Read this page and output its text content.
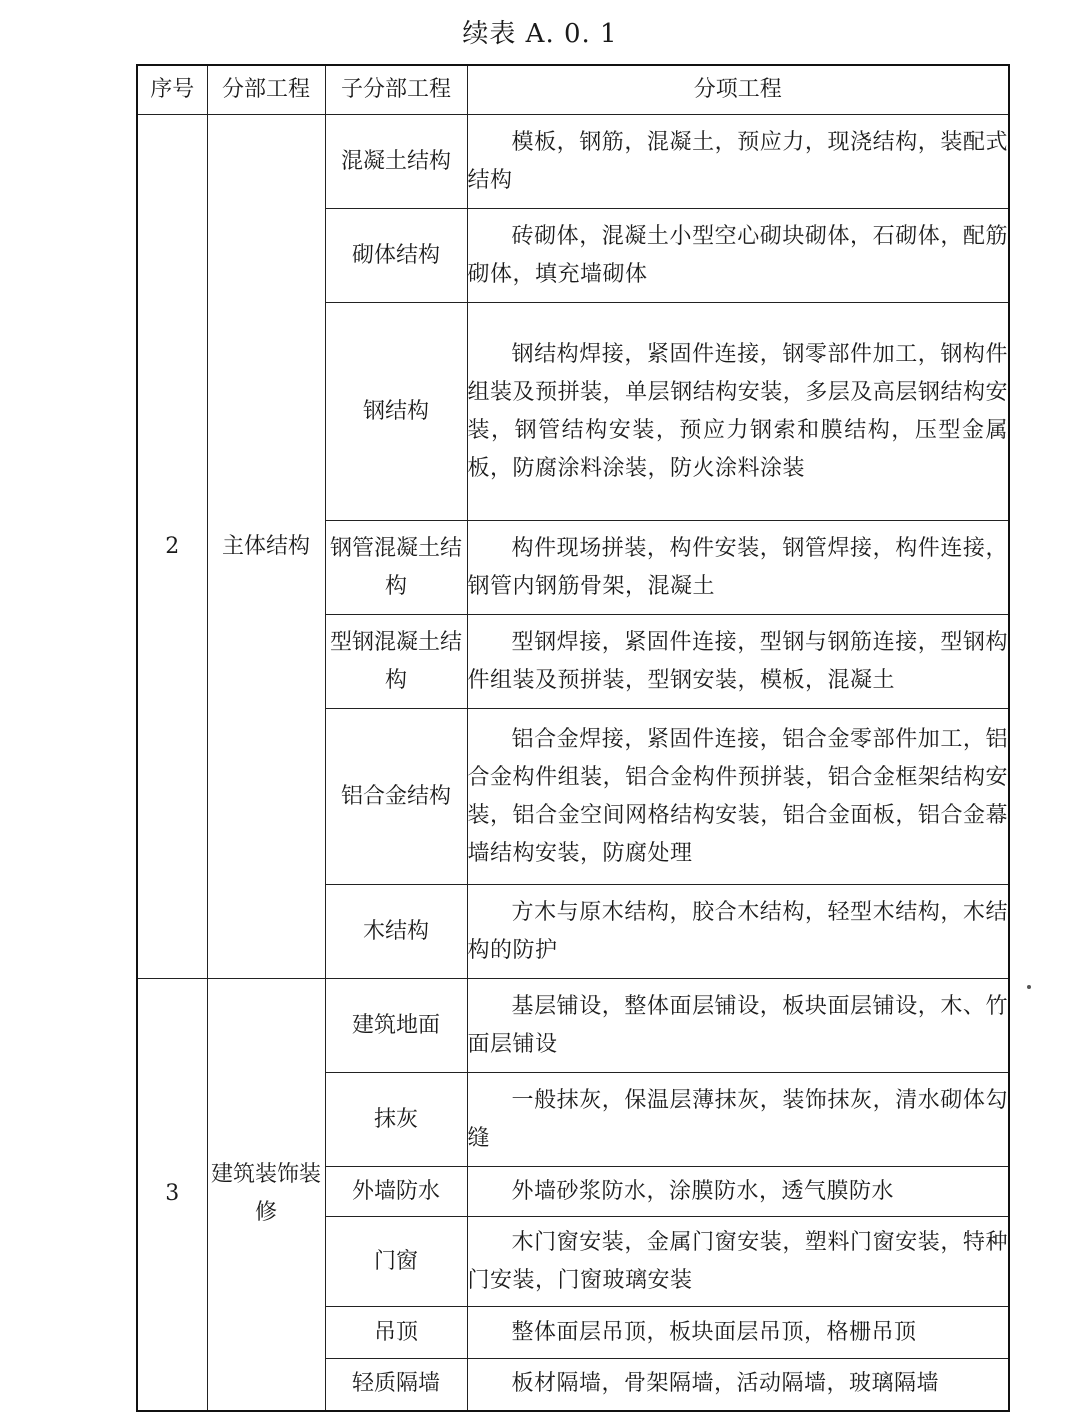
续表 A. 0. 1
序号	分部工程	子分部工程	分项工程
2	主体结构	混凝土结构	模板，钢筋，混凝土，预应力，现浇结构，装配式结构
		砌体结构	砖砌体，混凝土小型空心砌块砌体，石砌体，配筋砌体，填充墙砌体
		钢结构	钢结构焊接，紧固件连接，钢零部件加工，钢构件组装及预拼装，单层钢结构安装，多层及高层钢结构安装，钢管结构安装，预应力钢索和膜结构，压型金属板，防腐涂料涂装，防火涂料涂装
		钢管混凝土结构	构件现场拼装，构件安装，钢管焊接，构件连接，钢管内钢筋骨架，混凝土
		型钢混凝土结构	型钢焊接，紧固件连接，型钢与钢筋连接，型钢构件组装及预拼装，型钢安装，模板，混凝土
		铝合金结构	铝合金焊接，紧固件连接，铝合金零部件加工，铝合金构件组装，铝合金构件预拼装，铝合金框架结构安装，铝合金空间网格结构安装，铝合金面板，铝合金幕墙结构安装，防腐处理
		木结构	方木与原木结构，胶合木结构，轻型木结构，木结构的防护
3	建筑装饰装修	建筑地面	基层铺设，整体面层铺设，板块面层铺设，木、竹面层铺设
		抹灰	一般抹灰，保温层薄抹灰，装饰抹灰，清水砌体勾缝
		外墙防水	外墙砂浆防水，涂膜防水，透气膜防水
		门窗	木门窗安装，金属门窗安装，塑料门窗安装，特种门安装，门窗玻璃安装
		吊顶	整体面层吊顶，板块面层吊顶，格栅吊顶
		轻质隔墙	板材隔墙，骨架隔墙，活动隔墙，玻璃隔墙
